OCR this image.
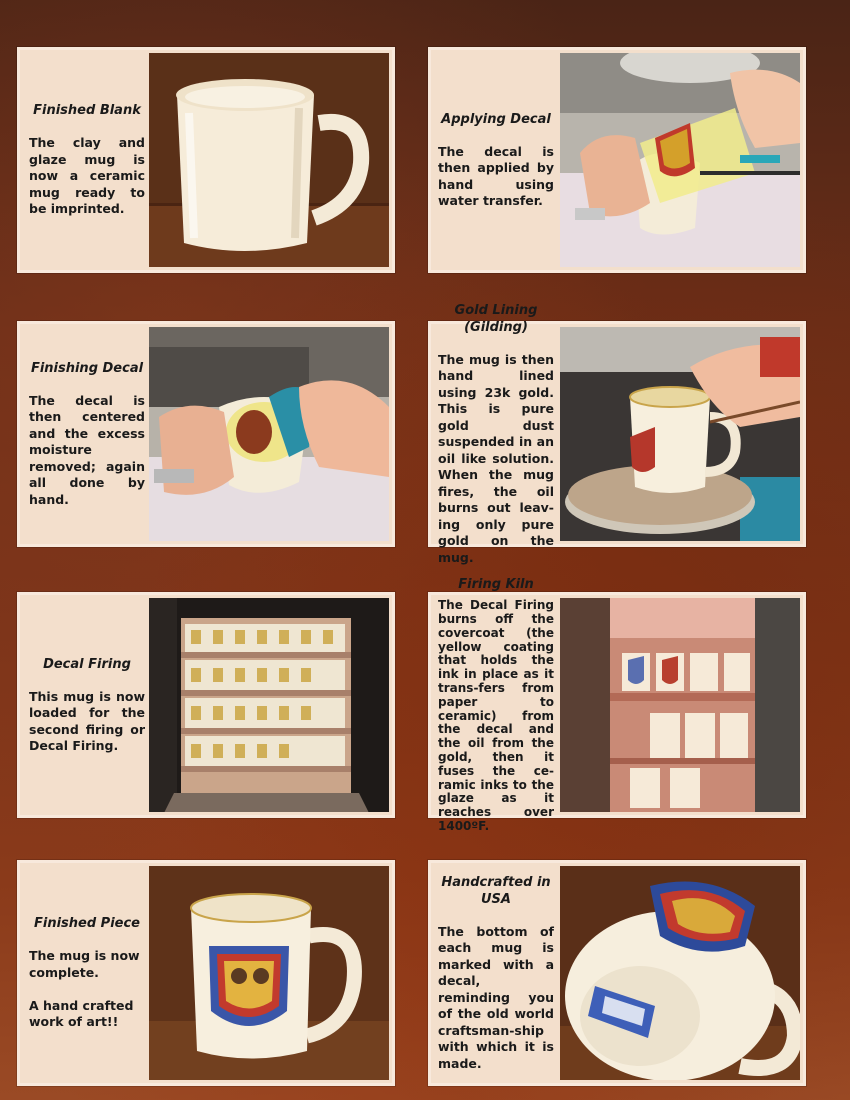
Finished Blank
The clay and glaze mug is now a ceramic mug ready to be imprinted.
Applying Decal
The decal is then applied by hand using water transfer.
Finishing Decal
The decal is then centered and the excess moisture removed; again all done by hand.
Gold Lining
(Gilding)
The mug is then hand lined using 23k gold. This is pure gold dust suspended in an oil like solution. When the mug fires, the oil burns out leav-ing only pure gold on the mug.
Decal Firing
This mug is now loaded for the second firing or Decal Firing.
Firing Kiln
The Decal Firing burns off the covercoat (the yellow coating that holds the ink in place as it trans-fers from paper to ceramic) from the decal and the oil from the gold, then it fuses the ce-ramic inks to the glaze as it reaches over 1400ºF.
Finished Piece
The mug is now complete.

A hand crafted work of art!!
Handcrafted in
USA
The bottom of each mug is marked with a decal, reminding you of the old world craftsman-ship with which it is made.
